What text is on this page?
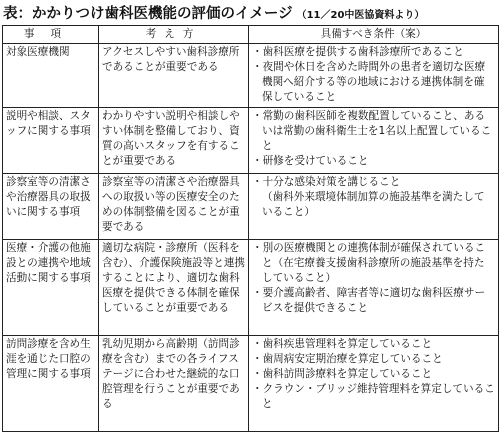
表：かかりつけ歯科医機能の評価のイメージ （11／20中医協資料より）
事項	考え方	具備すべき条件（案）
対象医療機関	アクセスしやすい歯科診療所であることが重要である	・歯科医療を提供する歯科診療所であること
・夜間や休日を含めた時間外の患者を適切な医療機関へ紹介する等の地域における連携体制を確保していること

説明や相談、スタッフに関する事項	わかりやすい説明や相談しやすい体制を整備しており、資質の高いスタッフを有することが重要である	・常勤の歯科医師を複数配置していること、あるいは常勤の歯科衛生士を1名以上配置していること
・研修を受けていること

診察室等の清潔さや治療器具の取扱いに関する事項	診察室等の清潔さや治療器具への取扱い等の医療安全のための体制整備を図ることが重要である	・十分な感染対策を講じること
（歯科外来環境体制加算の施設基準を満たしていること）

医療・介護の他施設との連携や地域活動に関する事項	適切な病院・診療所（医科を含む）、介護保険施設等と連携することにより、適切な歯科医療を提供できる体制を確保していることが重要である	・別の医療機関との連携体制が確保されていること（在宅療養支援歯科診療所の施設基準を持たしていること）
・要介護高齢者、障害者等に適切な歯科医療サービスを提供できること

訪問診療を含め生涯を通じた口腔の管理に関する事項	乳幼児期から高齢期（訪問診療を含む）までの各ライフステージに合わせた継続的な口腔管理を行うことが重要である	・歯科疾患管理料を算定していること
・歯周病安定期治療を算定していること
・歯科訪問診療料を算定していること
・クラウン・ブリッジ維持管理料を算定していること
